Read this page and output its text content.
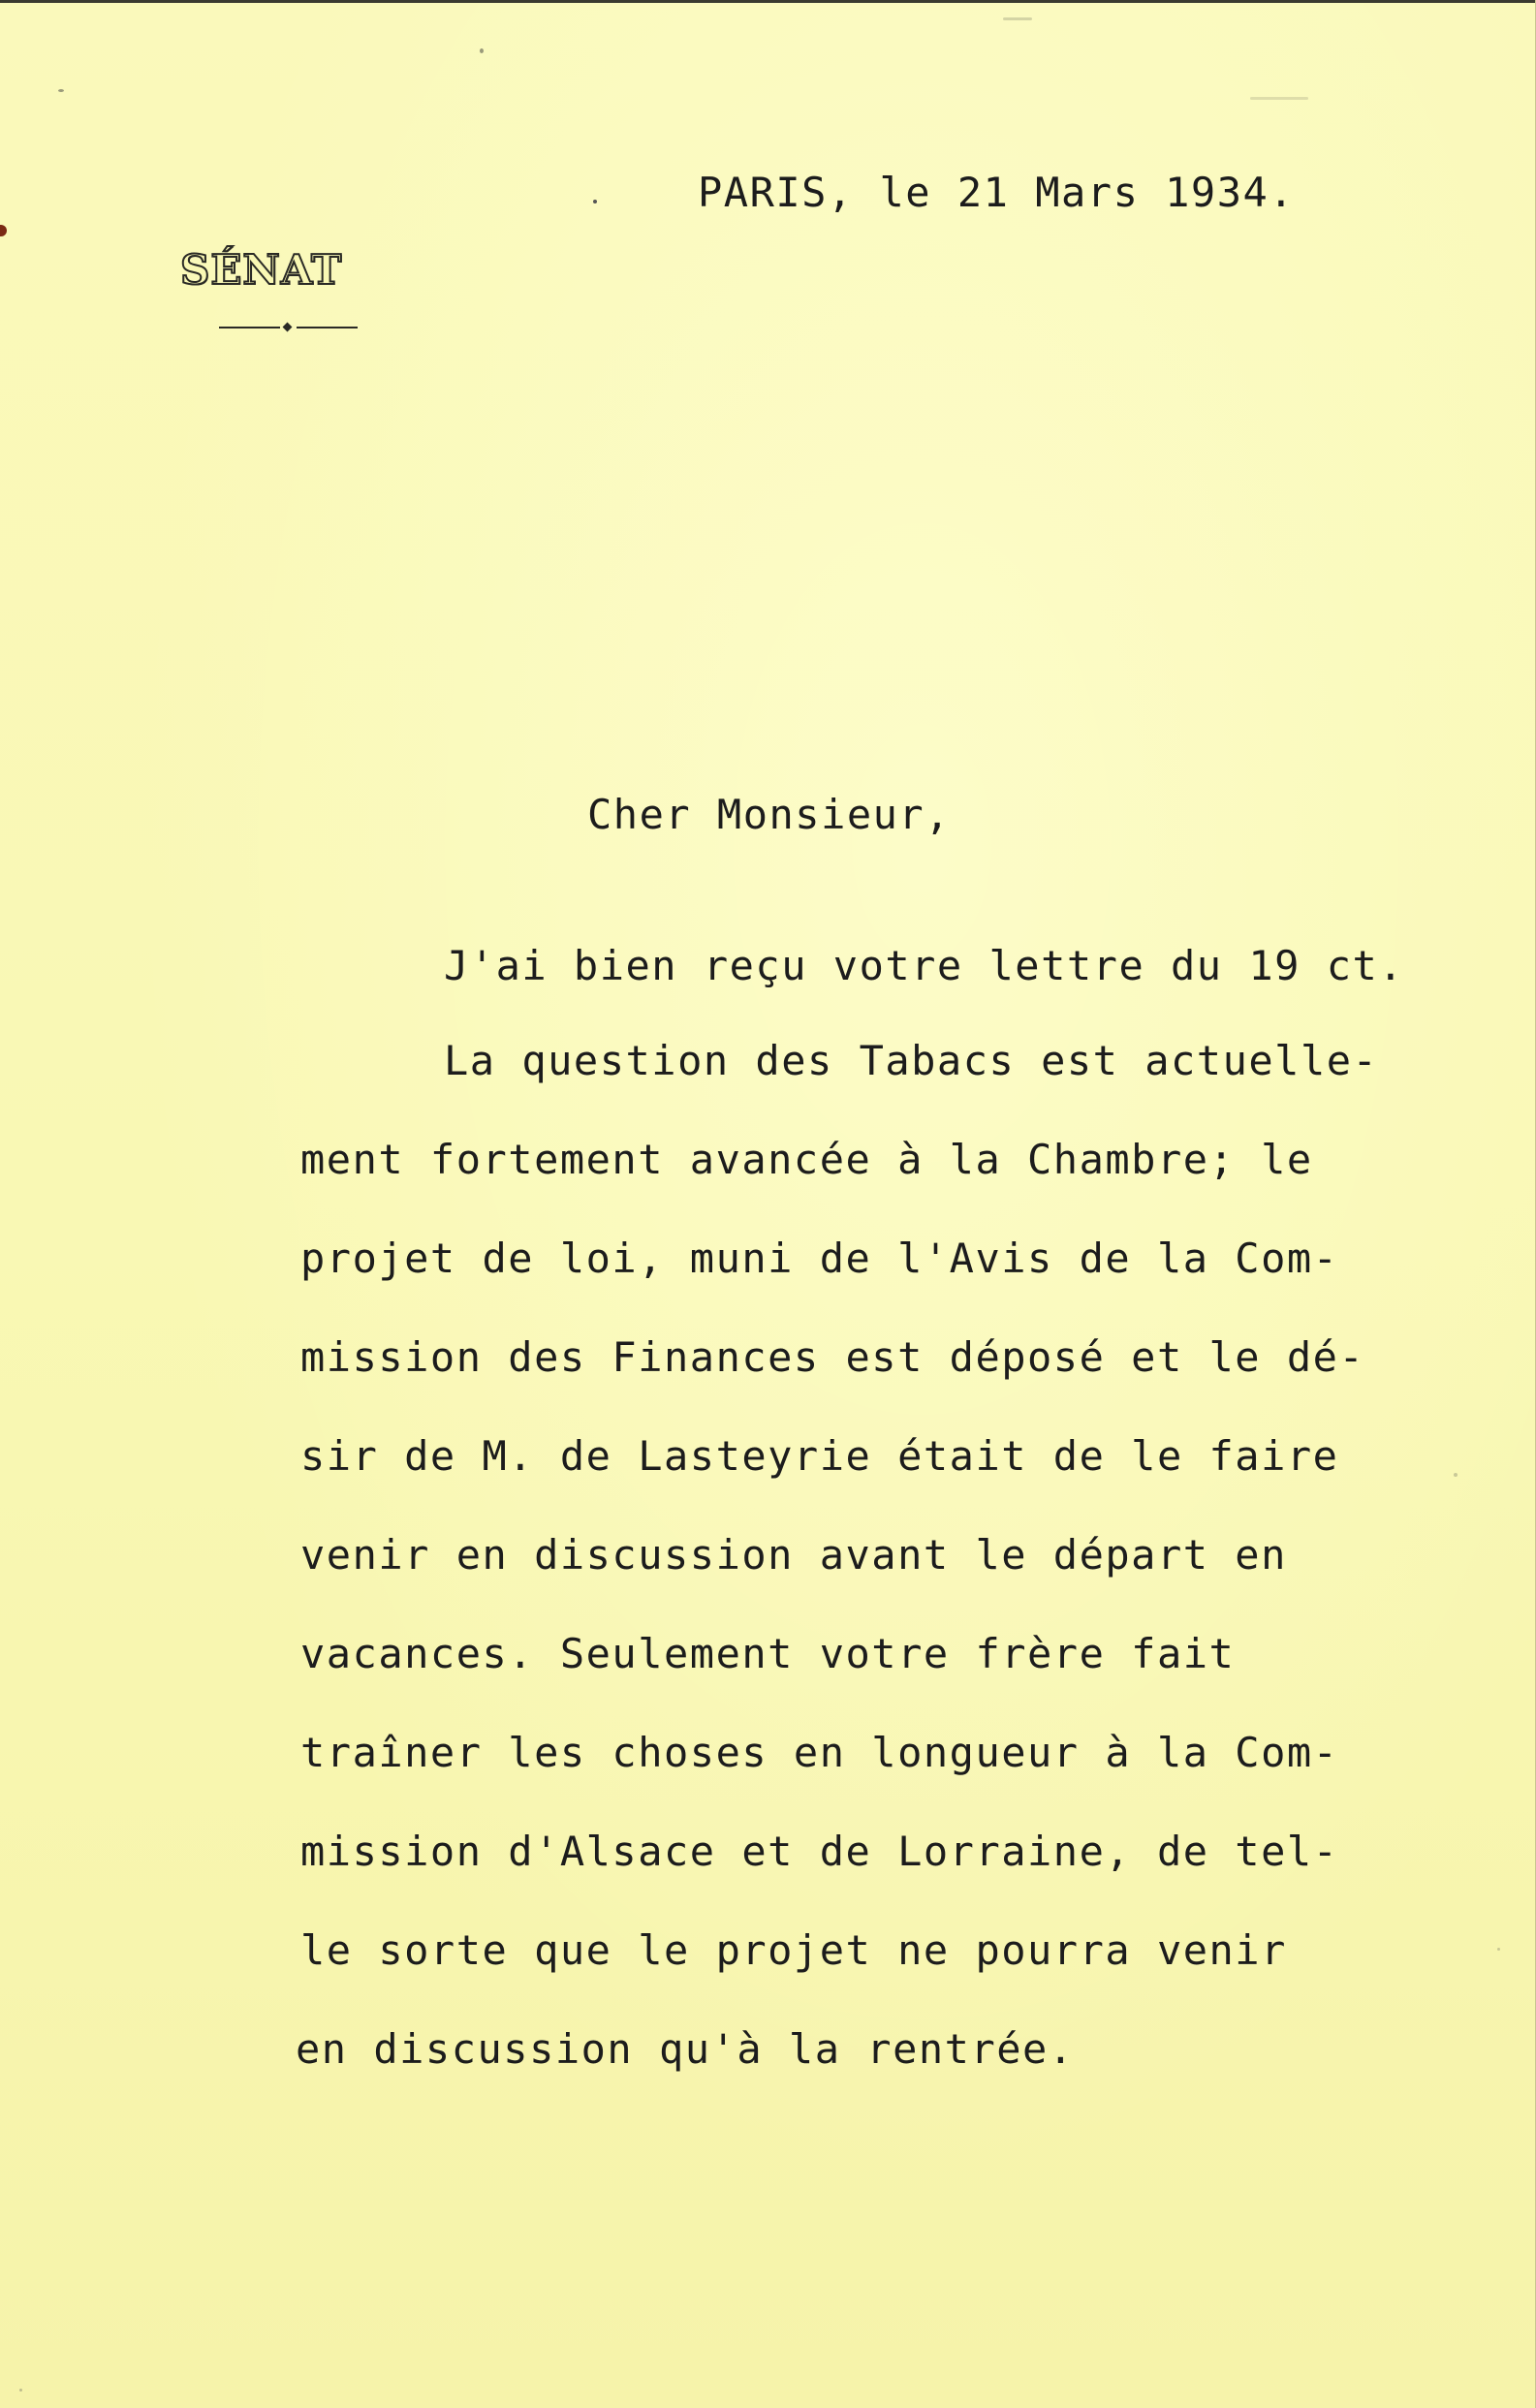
SÉNAT
PARIS, le 21 Mars 1934.
Cher Monsieur,
J'ai bien reçu votre lettre du 19 ct.
La question des Tabacs est actuelle-
ment fortement avancée à la Chambre; le
projet de loi, muni de l'Avis de la Com-
mission des Finances est déposé et le dé-
sir de M. de Lasteyrie était de le faire
venir en discussion avant le départ en
vacances. Seulement votre frère fait
traîner les choses en longueur à la Com-
mission d'Alsace et de Lorraine, de tel-
le sorte que le projet ne pourra venir
en discussion qu'à la rentrée.
